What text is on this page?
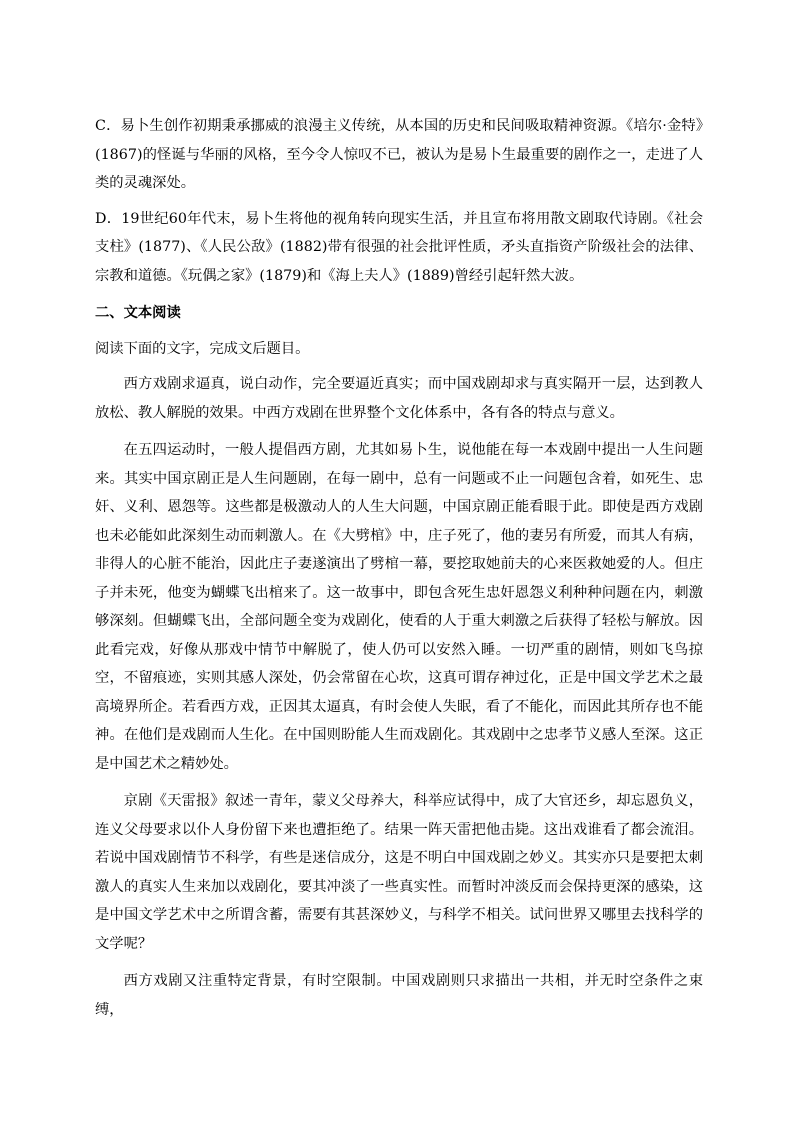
C．易卜生创作初期秉承挪威的浪漫主义传统，从本国的历史和民间吸取精神资源。《培尔·金特》(1867)的怪诞与华丽的风格，至今令人惊叹不已，被认为是易卜生最重要的剧作之一，走进了人类的灵魂深处。

D．19世纪60年代末，易卜生将他的视角转向现实生活，并且宣布将用散文剧取代诗剧。《社会支柱》(1877)、《人民公敌》(1882)带有很强的社会批评性质，矛头直指资产阶级社会的法律、宗教和道德。《玩偶之家》(1879)和《海上夫人》(1889)曾经引起轩然大波。

二、文本阅读

阅读下面的文字，完成文后题目。

西方戏剧求逼真，说白动作，完全要逼近真实；而中国戏剧却求与真实隔开一层，达到教人放松、教人解脱的效果。中西方戏剧在世界整个文化体系中，各有各的特点与意义。

在五四运动时，一般人提倡西方剧，尤其如易卜生，说他能在每一本戏剧中提出一人生问题来。其实中国京剧正是人生问题剧，在每一剧中，总有一问题或不止一问题包含着，如死生、忠奸、义利、恩怨等。这些都是极激动人的人生大问题，中国京剧正能看眼于此。即使是西方戏剧也未必能如此深刻生动而刺激人。在《大劈棺》中，庄子死了，他的妻另有所爱，而其人有病，非得人的心脏不能治，因此庄子妻遂演出了劈棺一幕，要挖取她前夫的心来医救她爱的人。但庄子并未死，他变为蝴蝶飞出棺来了。这一故事中，即包含死生忠奸恩怨义利种种问题在内，刺激够深刻。但蝴蝶飞出，全部问题全变为戏剧化，使看的人于重大刺激之后获得了轻松与解放。因此看完戏，好像从那戏中情节中解脱了，使人仍可以安然入睡。一切严重的剧情，则如飞鸟掠空，不留痕迹，实则其感人深处，仍会常留在心坎，这真可谓存神过化，正是中国文学艺术之最高境界所企。若看西方戏，正因其太逼真，有时会使人失眠，看了不能化，而因此其所存也不能神。在他们是戏剧而人生化。在中国则盼能人生而戏剧化。其戏剧中之忠孝节义感人至深。这正是中国艺术之精妙处。

京剧《天雷报》叙述一青年，蒙义父母养大，科举应试得中，成了大官还乡，却忘恩负义，连义父母要求以仆人身份留下来也遭拒绝了。结果一阵天雷把他击毙。这出戏谁看了都会流泪。若说中国戏剧情节不科学，有些是迷信成分，这是不明白中国戏剧之妙义。其实亦只是要把太刺激人的真实人生来加以戏剧化，要其冲淡了一些真实性。而暂时冲淡反而会保持更深的感染，这是中国文学艺术中之所谓含蓄，需要有其甚深妙义，与科学不相关。试问世界又哪里去找科学的文学呢？

西方戏剧又注重特定背景，有时空限制。中国戏剧则只求描出一共相，并无时空条件之束缚，
